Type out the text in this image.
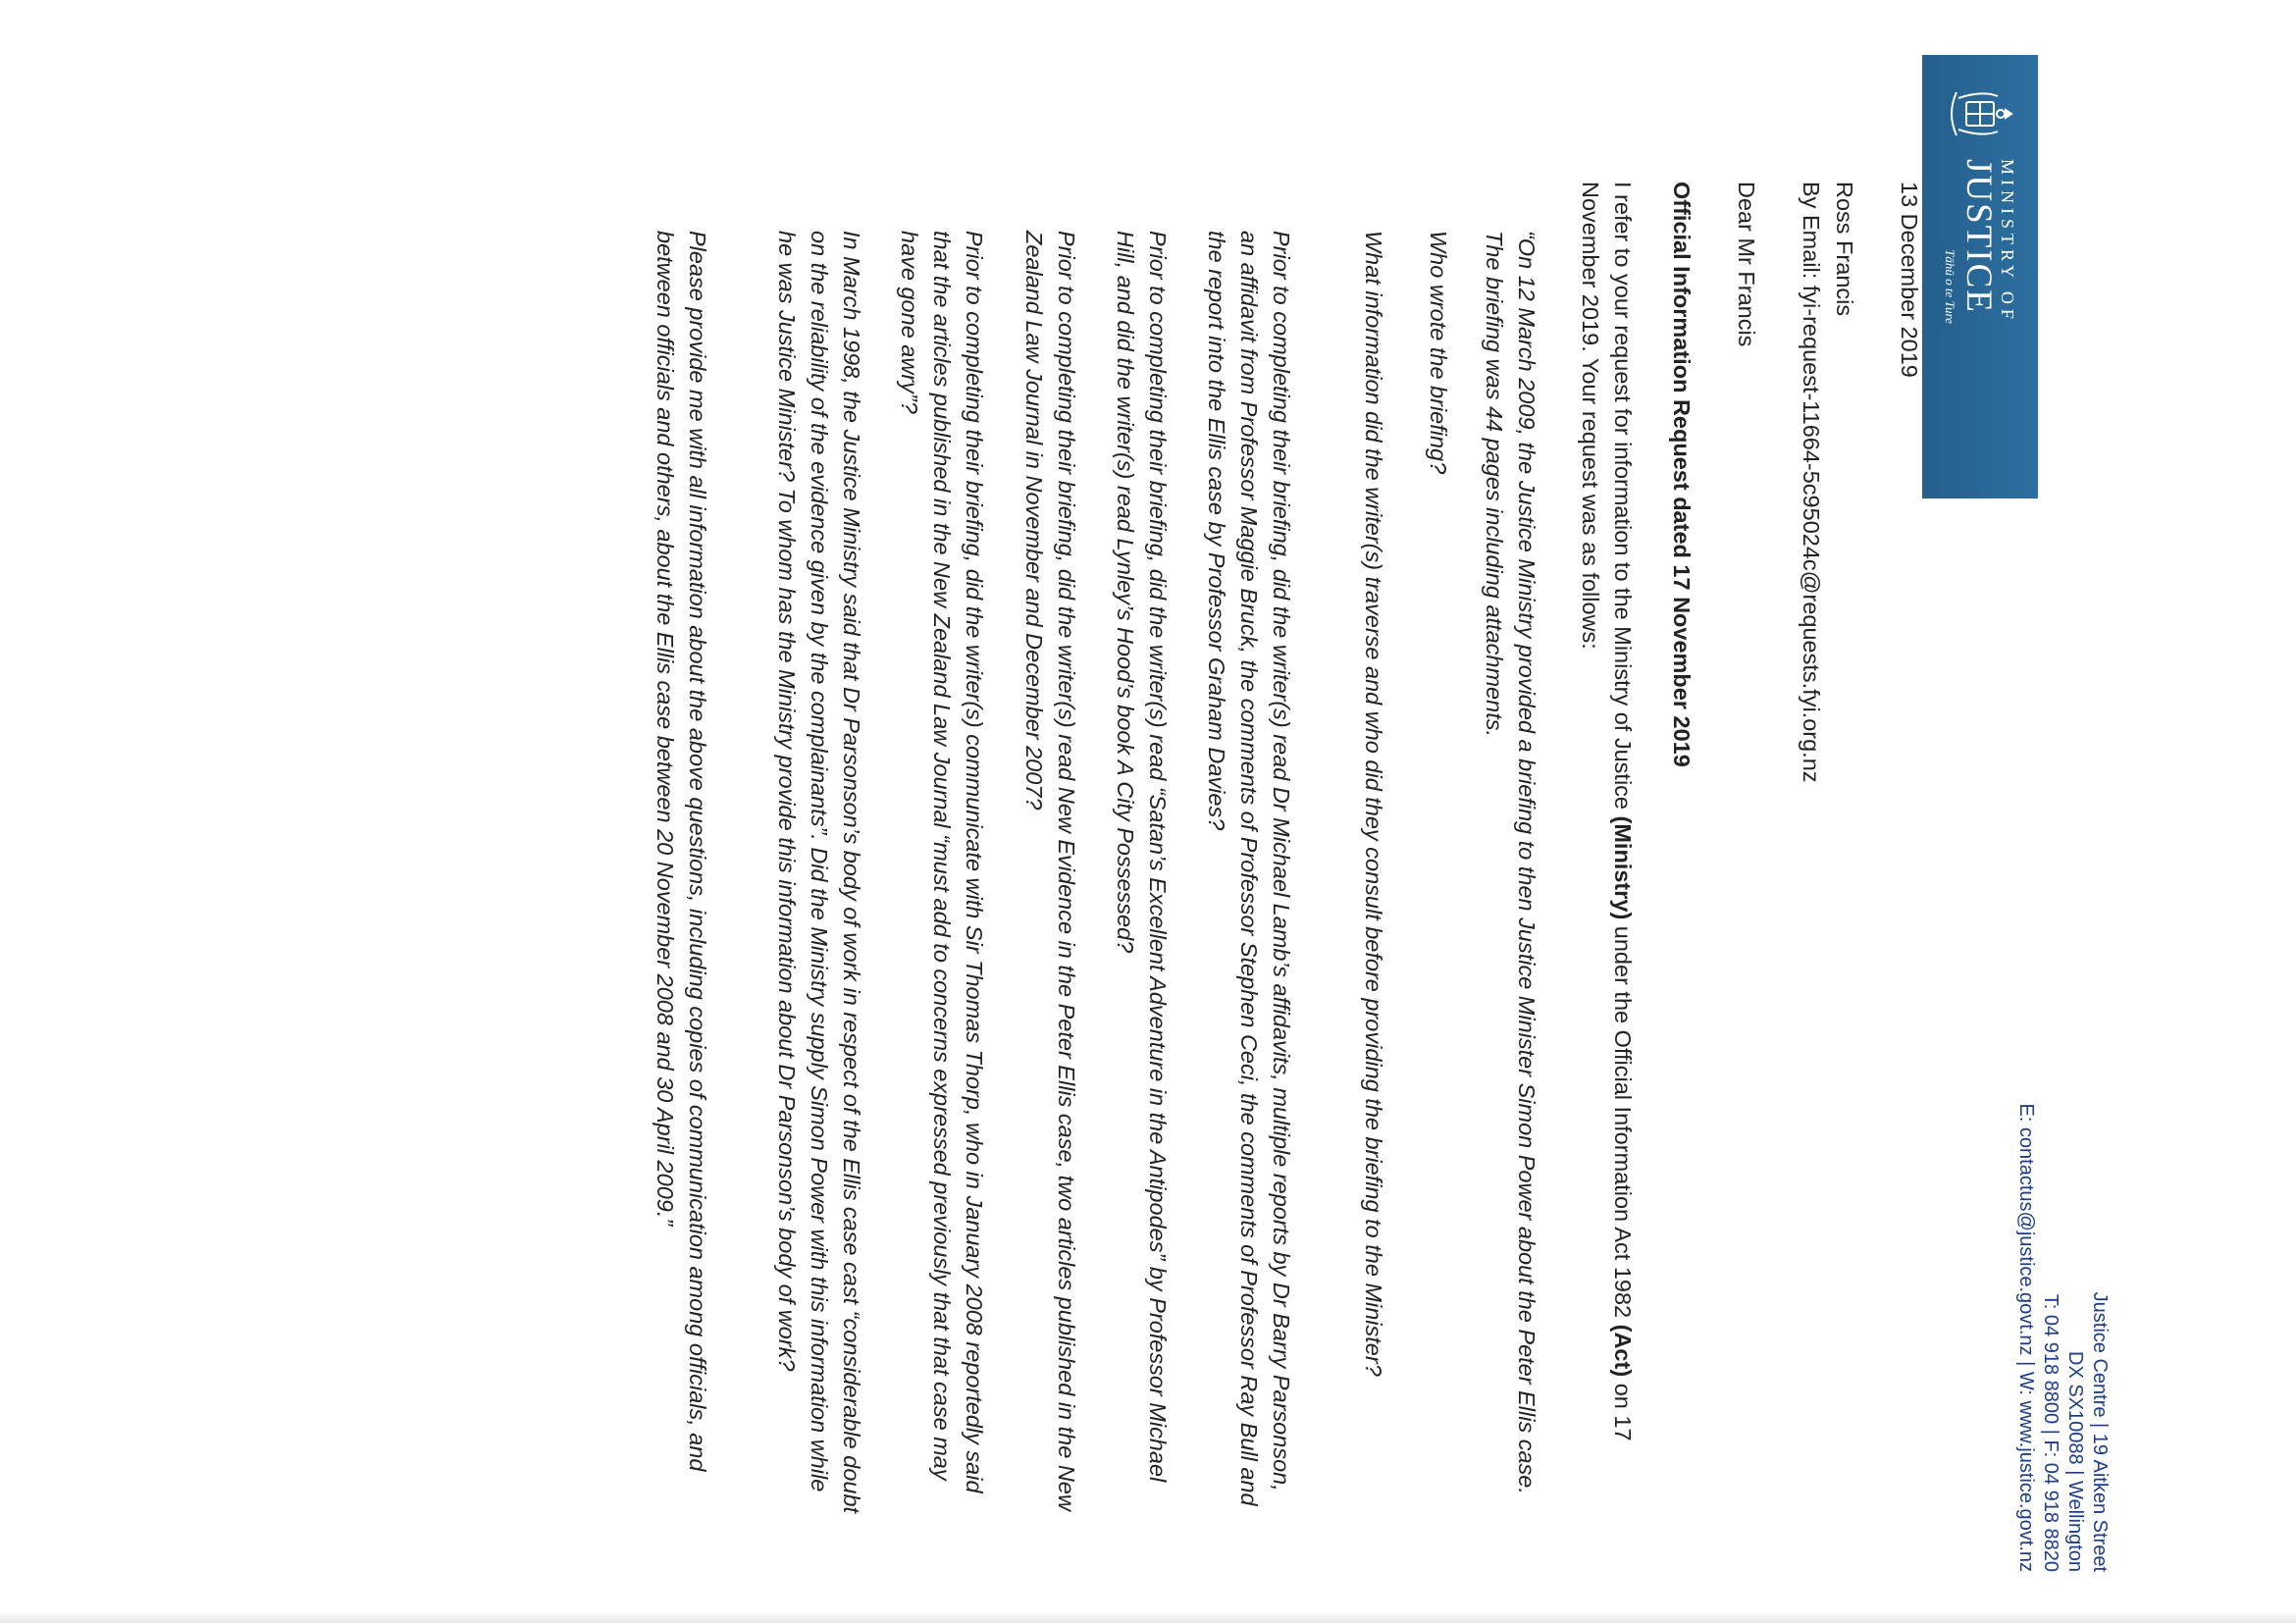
MINISTRY OF
JUSTICE
Tāhū o te Ture
Justice Centre | 19 Aitken Street
DX SX10088 | Wellington
T: 04 918 8800 | F: 04 918 8820
E: contactus@justice.govt.nz | W: www.justice.govt.nz

13 December 2019

Ross Francis

By Email: fyi-request-11664-5c95024c@requests.fyi.org.nz

Dear Mr Francis

Official Information Request dated 17 November 2019

I refer to your request for information to the Ministry of Justice (Ministry) under the Official Information Act 1982 (Act) on 17 November 2019. Your request was as follows:

“On 12 March 2009, the Justice Ministry provided a briefing to then Justice Minister Simon Power about the Peter Ellis case. The briefing was 44 pages including attachments.

Who wrote the briefing?

What information did the writer(s) traverse and who did they consult before providing the briefing to the Minister?

Prior to completing their briefing, did the writer(s) read Dr Michael Lamb’s affidavits, multiple reports by Dr Barry Parsonson, an affidavit from Professor Maggie Bruck, the comments of Professor Stephen Ceci, the comments of Professor Ray Bull and the report into the Ellis case by Professor Graham Davies?

Prior to completing their briefing, did the writer(s) read “Satan’s Excellent Adventure in the Antipodes” by Professor Michael Hill, and did the writer(s) read Lynley’s Hood’s book A City Possessed?

Prior to completing their briefing, did the writer(s) read New Evidence in the Peter Ellis case, two articles published in the New Zealand Law Journal in November and December 2007?

Prior to completing their briefing, did the writer(s) communicate with Sir Thomas Thorp, who in January 2008 reportedly said that the articles published in the New Zealand Law Journal “must add to concerns expressed previously that that case may have gone awry”?

In March 1998, the Justice Ministry said that Dr Parsonson’s body of work in respect of the Ellis case cast “considerable doubt on the reliability of the evidence given by the complainants”. Did the Ministry supply Simon Power with this information while he was Justice Minister? To whom has the Ministry provide this information about Dr Parsonson’s body of work?

Please provide me with all information about the above questions, including copies of communication among officials, and between officials and others, about the Ellis case between 20 November 2008 and 30 April 2009.”
